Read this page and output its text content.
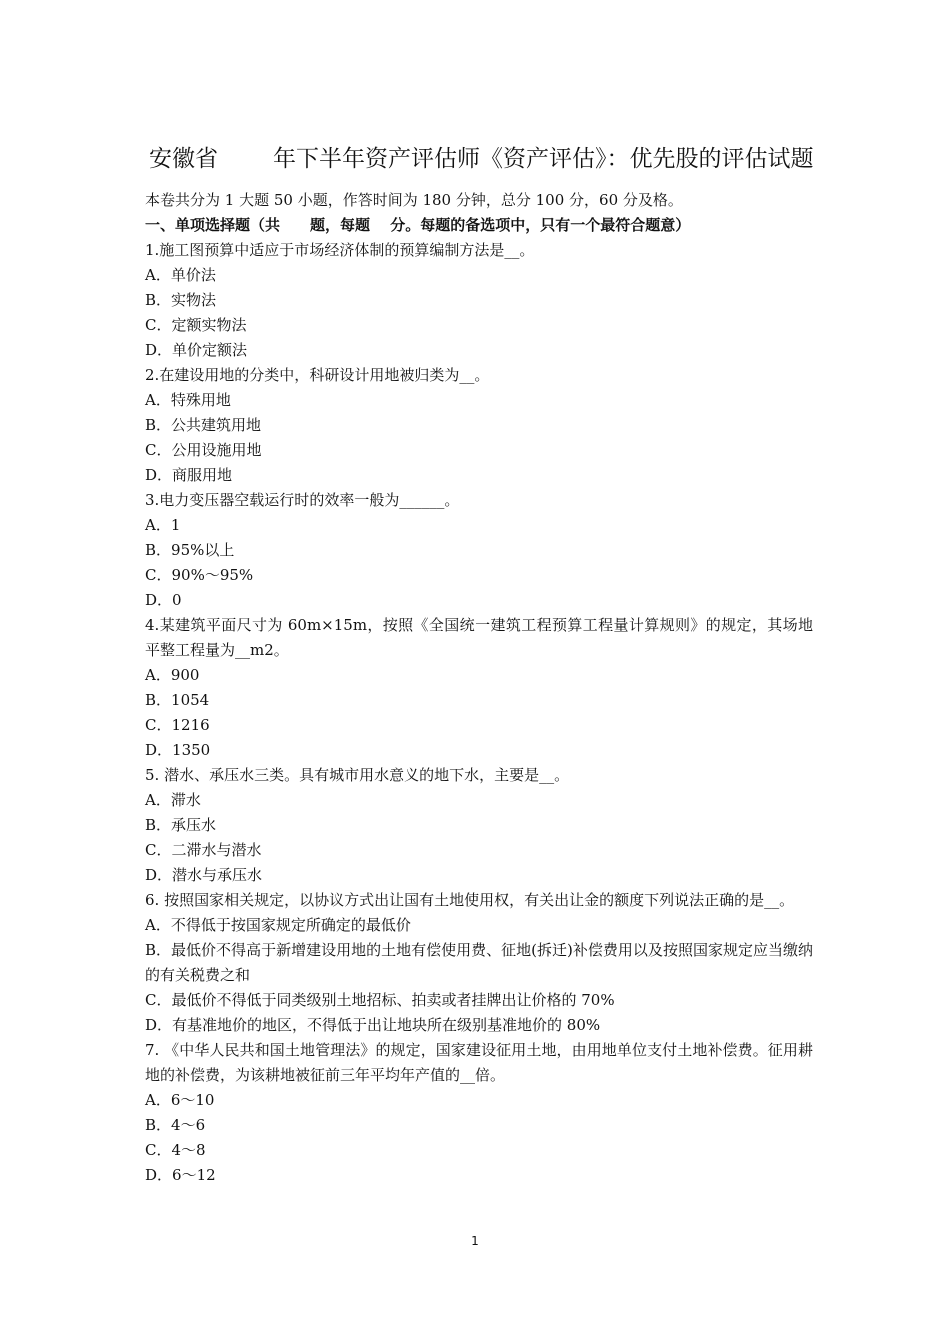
安徽省

年下半年资产评估师《资产评估》：优先股的评估试题

本卷共分为 1 大题 50 小题，作答时间为 180 分钟，总分 100 分，60 分及格。
一、单项选择题（共　　题，每题　 分。每题的备选项中，只有一个最符合题意）
1.施工图预算中适应于市场经济体制的预算编制方法是__。
A．单价法
B．实物法
C．定额实物法
D．单价定额法
2.在建设用地的分类中，科研设计用地被归类为__。
A．特殊用地
B．公共建筑用地
C．公用设施用地
D．商服用地
3.电力变压器空载运行时的效率一般为______。
A．1
B．95%以上
C．90%～95%
D．0
4.某建筑平面尺寸为 60m×15m，按照《全国统一建筑工程预算工程量计算规则》的规定，其场地平整工程量为__m2。
A．900
B．1054
C．1216
D．1350
5. 潜水、承压水三类。具有城市用水意义的地下水，主要是__。
A．滞水
B．承压水
C．二滞水与潜水
D．潜水与承压水
6. 按照国家相关规定，以协议方式出让国有土地使用权，有关出让金的额度下列说法正确的是__。
A．不得低于按国家规定所确定的最低价
B．最低价不得高于新增建设用地的土地有偿使用费、征地(拆迁)补偿费用以及按照国家规定应当缴纳的有关税费之和
C．最低价不得低于同类级别土地招标、拍卖或者挂牌出让价格的 70%
D．有基准地价的地区，不得低于出让地块所在级别基准地价的 80%
7. 《中华人民共和国土地管理法》的规定，国家建设征用土地，由用地单位支付土地补偿费。征用耕地的补偿费，为该耕地被征前三年平均年产值的__倍。
A．6～10
B．4～6
C．4～8
D．6～12
1
